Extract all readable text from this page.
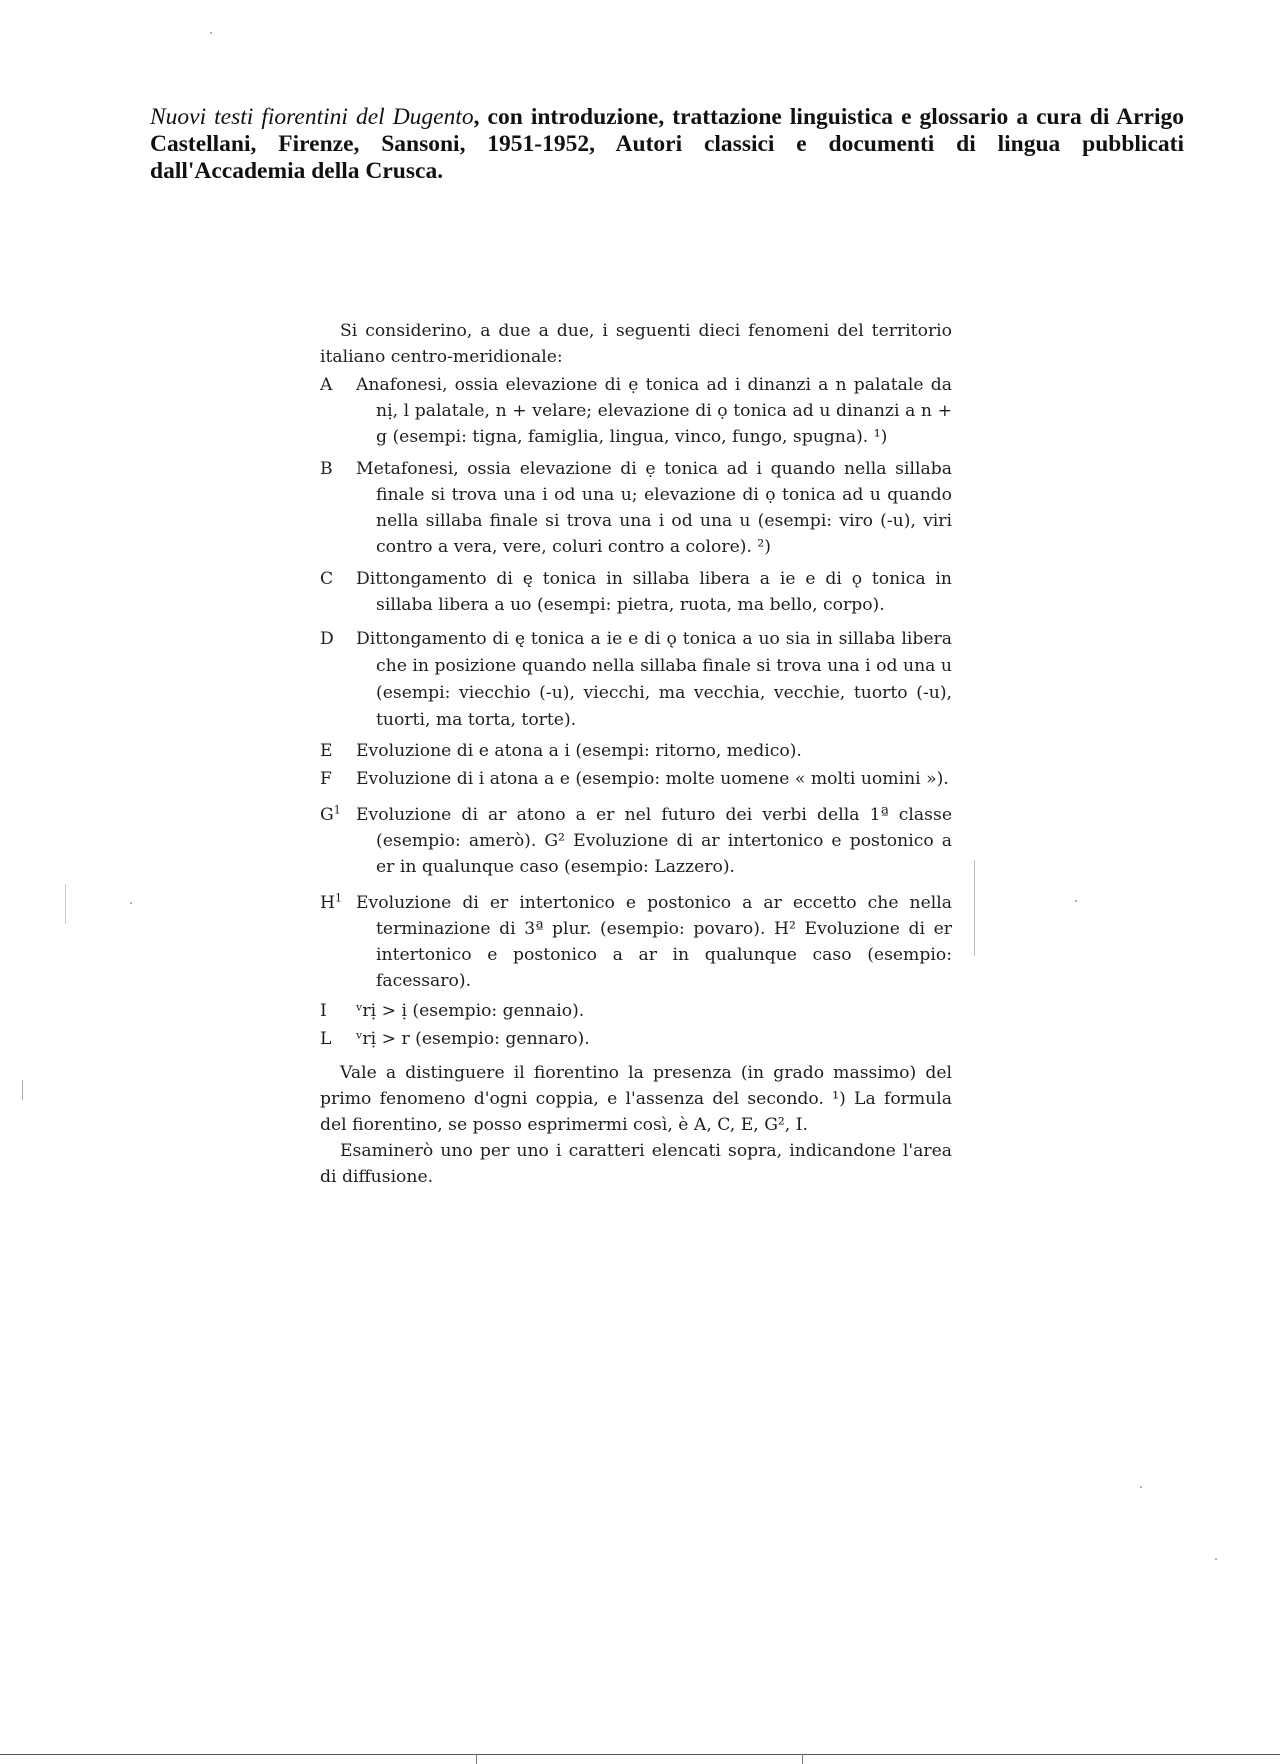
Nuovi testi fiorentini del Dugento, con introduzione, trattazione linguistica e glossario a cura di Arrigo Castellani, Firenze, Sansoni, 1951-1952, Autori classici e documenti di lingua pubblicati dall'Accademia della Crusca.

Si considerino, a due a due, i seguenti dieci fenomeni del territorio italiano centro-meridionale:

A Anafonesi, ossia elevazione di ẹ tonica ad i dinanzi a n palatale da nị, l palatale, n + velare; elevazione di ọ tonica ad u dinanzi a n + g (esempi: tigna, famiglia, lingua, vinco, fungo, spugna). ¹)

B Metafonesi, ossia elevazione di ẹ tonica ad i quando nella sillaba finale si trova una i od una u; elevazione di ọ tonica ad u quando nella sillaba finale si trova una i od una u (esempi: viro (-u), viri contro a vera, vere, coluri contro a colore). ²)

C Dittongamento di ę tonica in sillaba libera a ie e di ǫ tonica in sillaba libera a uo (esempi: pietra, ruota, ma bello, corpo).

D Dittongamento di ę tonica a ie e di ǫ tonica a uo sia in sillaba libera che in posizione quando nella sillaba finale si trova una i od una u (esempi: viecchio (-u), viecchi, ma vecchia, vecchie, tuorto (-u), tuorti, ma torta, torte).

E Evoluzione di e atona a i (esempi: ritorno, medico).

F Evoluzione di i atona a e (esempio: molte uomene « molti uomini »).

$G^1$ Evoluzione di ar atono a er nel futuro dei verbi della 1ª classe (esempio: amerò). G² Evoluzione di ar intertonico e postonico a er in qualunque caso (esempio: Lazzero).

$H^1$ Evoluzione di er intertonico e postonico a ar eccetto che nella terminazione di 3ª plur. (esempio: povaro). H² Evoluzione di er intertonico e postonico a ar in qualunque caso (esempio: facessaro).

I ᵛrị > ị (esempio: gennaio).

L ᵛrị > r (esempio: gennaro).

Vale a distinguere il fiorentino la presenza (in grado massimo) del primo fenomeno d'ogni coppia, e l'assenza del secondo. ¹) La formula del fiorentino, se posso esprimermi così, è A, C, E, G², I.

Esaminerò uno per uno i caratteri elencati sopra, indicandone l'area di diffusione.
